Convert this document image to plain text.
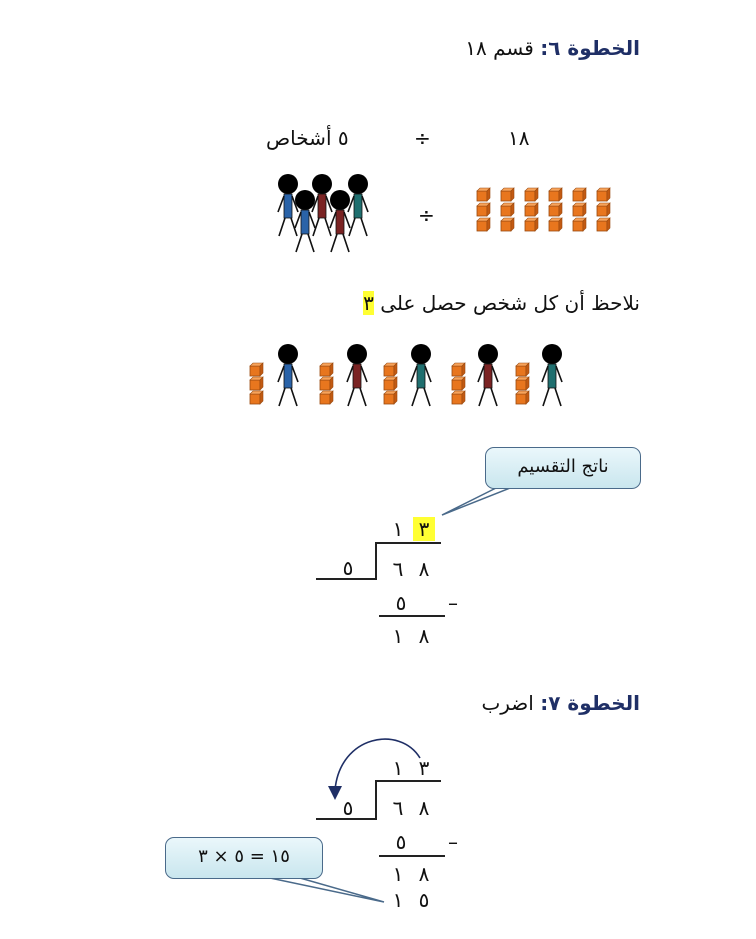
الخطوة ٦: قسم ١٨
١٨
÷
٥ أشخاص
÷
نلاحظ أن كل شخص حصل على ٣
ناتج التقسيم
١ ٣
٥ ٦ ٨
٥	–
١ ٨
الخطوة ٧: اضرب
١ ٣
٥ ٦ ٨
٥	–
١ ٨
١ ٥
١٥ = ٥ × ٣
